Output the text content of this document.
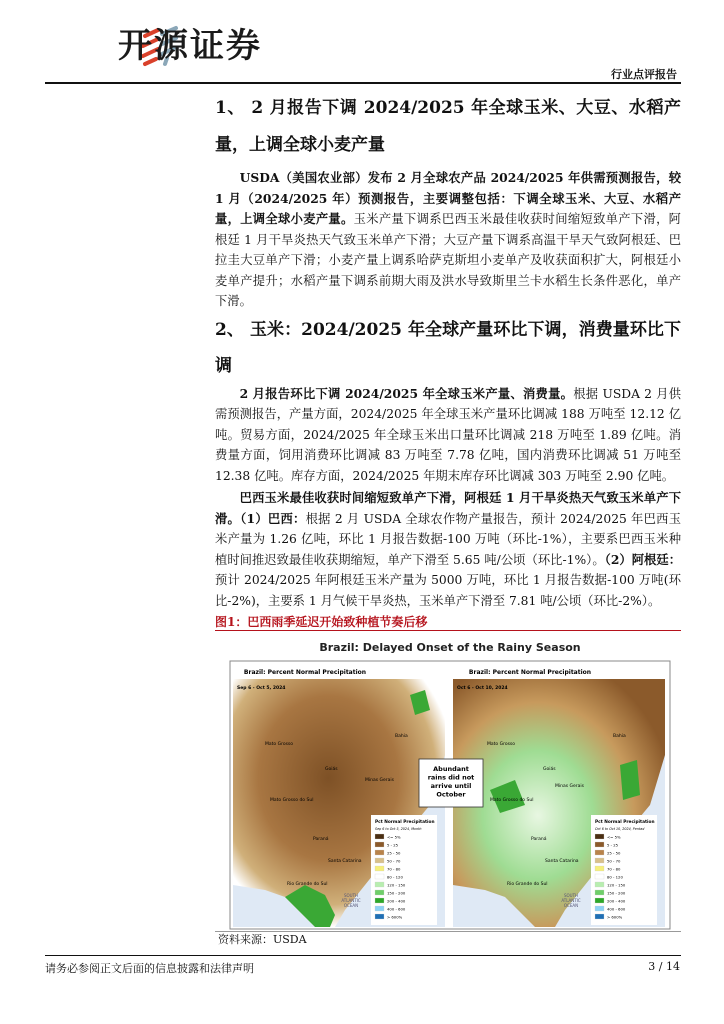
开源证券
行业点评报告
1、 2 月报告下调 2024/2025 年全球玉米、大豆、水稻产量，上调全球小麦产量
USDA（美国农业部）发布 2 月全球农产品 2024/2025 年供需预测报告，较 1 月（2024/2025 年）预测报告，主要调整包括：下调全球玉米、大豆、水稻产量，上调全球小麦产量。玉米产量下调系巴西玉米最佳收获时间缩短致单产下滑，阿根廷 1 月干旱炎热天气致玉米单产下滑；大豆产量下调系高温干旱天气致阿根廷、巴拉圭大豆单产下滑；小麦产量上调系哈萨克斯坦小麦单产及收获面积扩大，阿根廷小麦单产提升；水稻产量下调系前期大雨及洪水导致斯里兰卡水稻生长条件恶化，单产下滑。
2、 玉米：2024/2025 年全球产量环比下调，消费量环比下调
2 月报告环比下调 2024/2025 年全球玉米产量、消费量。根据 USDA 2 月供需预测报告，产量方面，2024/2025 年全球玉米产量环比调减 188 万吨至 12.12 亿吨。贸易方面，2024/2025 年全球玉米出口量环比调减 218 万吨至 1.89 亿吨。消费量方面，饲用消费环比调减 83 万吨至 7.78 亿吨，国内消费环比调减 51 万吨至 12.38 亿吨。库存方面，2024/2025 年期末库存环比调减 303 万吨至 2.90 亿吨。
巴西玉米最佳收获时间缩短致单产下滑，阿根廷 1 月干旱炎热天气致玉米单产下滑。（1）巴西：根据 2 月 USDA 全球农作物产量报告，预计 2024/2025 年巴西玉米产量为 1.26 亿吨，环比 1 月报告数据-100 万吨（环比-1%），主要系巴西玉米种植时间推迟致最佳收获期缩短，单产下滑至 5.65 吨/公顷（环比-1%）。（2）阿根廷：预计 2024/2025 年阿根廷玉米产量为 5000 万吨，环比 1 月报告数据-100 万吨(环比-2%)，主要系 1 月气候干旱炎热，玉米单产下滑至 7.81 吨/公顷（环比-2%）。
图1：巴西雨季延迟开始致种植节奏后移
Brazil: Delayed Onset of the Rainy Season
Brazil: Percent Normal Precipitation
Sep 6 - Oct 5, 2024
Bahia
Mato Grosso
Goiás
Minas Gerais
Mato Grosso do Sul
Paraná
Santa Catarina
Rio Grande do Sul
SOUTH ATLANTIC OCEAN
Pct Normal Precipitation
Sep 6 to Oct 5, 2024, Month
<= 5%
5 - 25
25 - 50
50 - 70
70 - 80
80 - 120
120 - 150
150 - 200
200 - 400
400 - 600
> 600%
Brazil: Percent Normal Precipitation
Oct 6 - Oct 10, 2024
Bahia
Mato Grosso
Goiás
Minas Gerais
Mato Grosso do Sul
Paraná
Santa Catarina
Rio Grande do Sul
SOUTH ATLANTIC OCEAN
Pct Normal Precipitation
Oct 6 to Oct 10, 2024, Pentad
<= 5%
5 - 25
25 - 50
50 - 70
70 - 80
80 - 120
120 - 150
150 - 200
200 - 400
400 - 600
> 600%
Abundant rains did not arrive until October
资料来源：USDA
请务必参阅正文后面的信息披露和法律声明	3 / 14
